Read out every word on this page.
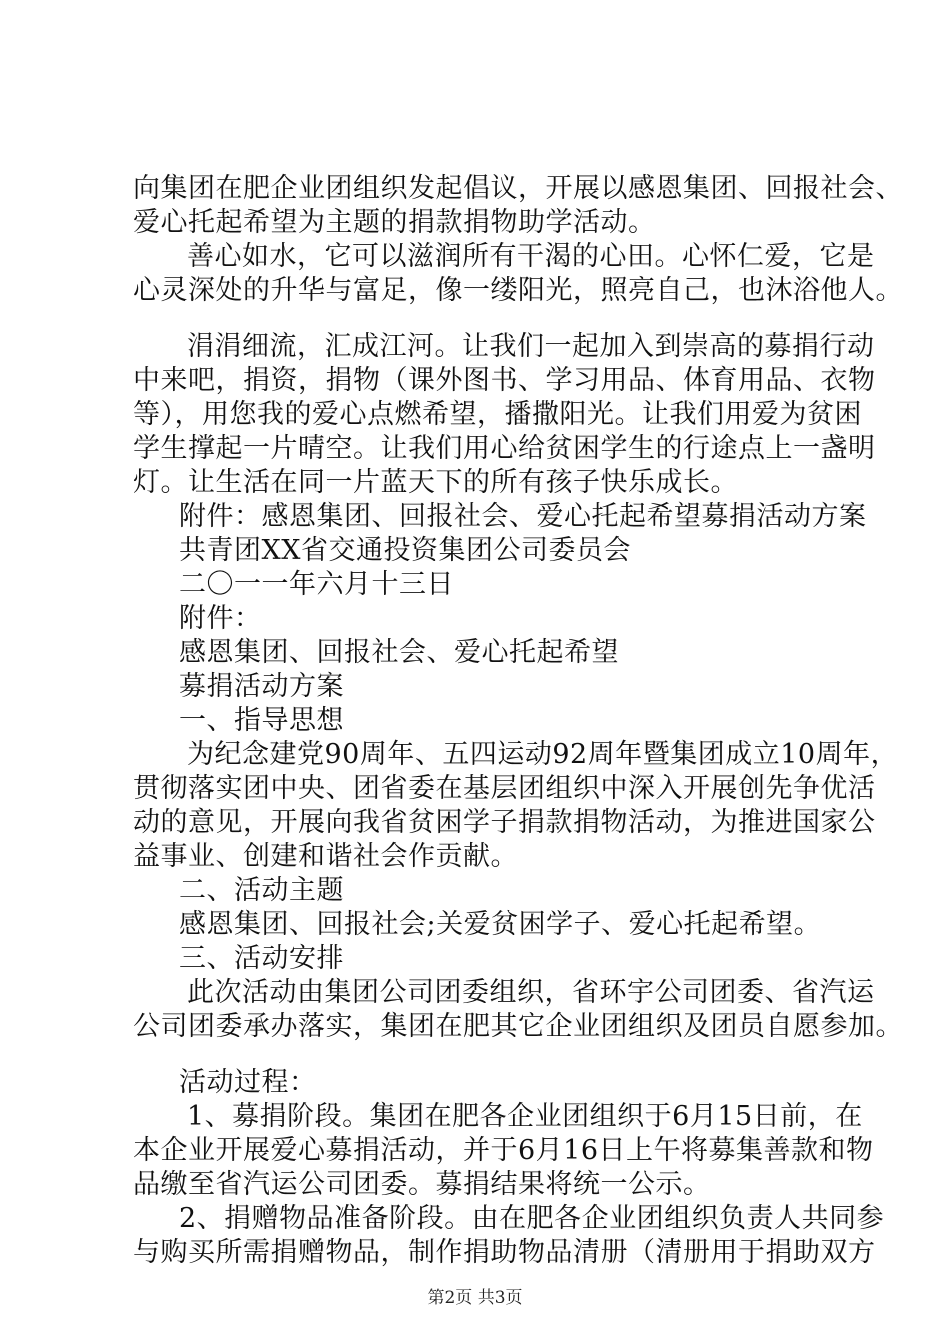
向集团在肥企业团组织发起倡议，开展以感恩集团、回报社会、
爱心托起希望为主题的捐款捐物助学活动。
善心如水，它可以滋润所有干渴的心田。心怀仁爱，它是
心灵深处的升华与富足，像一缕阳光，照亮自己，也沐浴他人。
涓涓细流，汇成江河。让我们一起加入到崇高的募捐行动
中来吧，捐资，捐物（课外图书、学习用品、体育用品、衣物
等），用您我的爱心点燃希望，播撒阳光。让我们用爱为贫困
学生撑起一片晴空。让我们用心给贫困学生的行途点上一盏明
灯。让生活在同一片蓝天下的所有孩子快乐成长。
附件：感恩集团、回报社会、爱心托起希望募捐活动方案
共青团XX省交通投资集团公司委员会
二〇一一年六月十三日
附件：
感恩集团、回报社会、爱心托起希望
募捐活动方案
一、指导思想
为纪念建党90周年、五四运动92周年暨集团成立10周年，
贯彻落实团中央、团省委在基层团组织中深入开展创先争优活
动的意见，开展向我省贫困学子捐款捐物活动，为推进国家公
益事业、创建和谐社会作贡献。
二、活动主题
感恩集团、回报社会;关爱贫困学子、爱心托起希望。
三、活动安排
此次活动由集团公司团委组织，省环宇公司团委、省汽运
公司团委承办落实，集团在肥其它企业团组织及团员自愿参加。
活动过程：
1、募捐阶段。集团在肥各企业团组织于6月15日前，在
本企业开展爱心募捐活动，并于6月16日上午将募集善款和物
品缴至省汽运公司团委。募捐结果将统一公示。
2、捐赠物品准备阶段。由在肥各企业团组织负责人共同参
与购买所需捐赠物品，制作捐助物品清册（清册用于捐助双方
第2页 共3页
